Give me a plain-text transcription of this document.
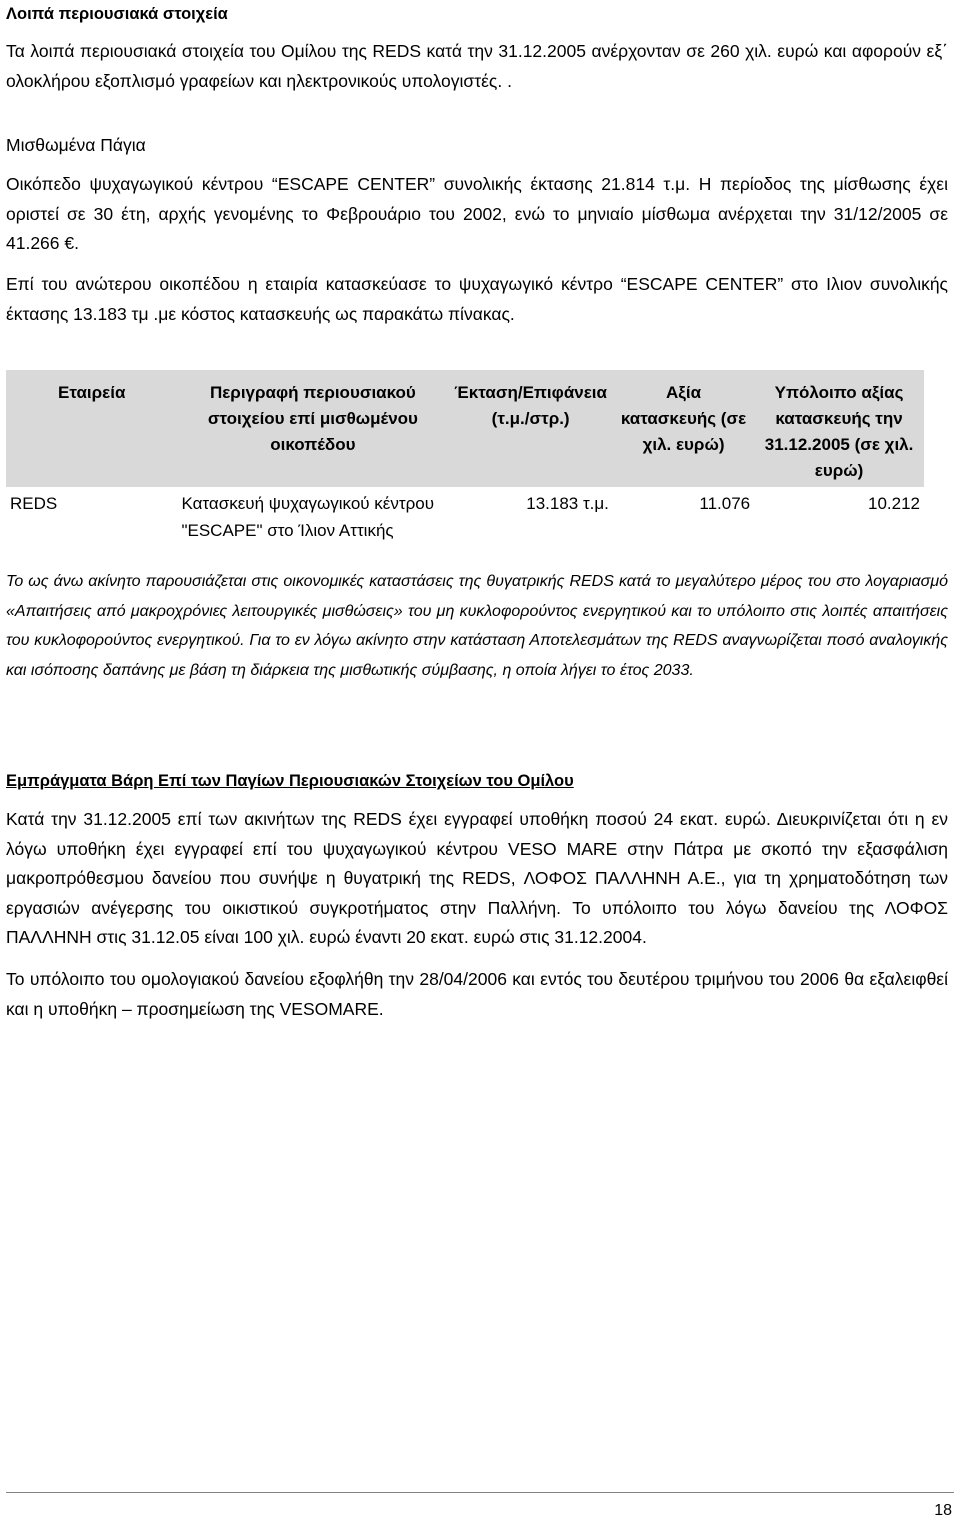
Λοιπά περιουσιακά στοιχεία
Τα λοιπά περιουσιακά στοιχεία του Ομίλου της REDS κατά την 31.12.2005 ανέρχονταν σε 260 χιλ. ευρώ και αφορούν εξ΄ ολοκλήρου εξοπλισμό γραφείων και ηλεκτρονικούς υπολογιστές. .
Μισθωμένα Πάγια
Οικόπεδο ψυχαγωγικού κέντρου “ESCAPE CENTER” συνολικής έκτασης 21.814 τ.μ. Η περίοδος της μίσθωσης έχει οριστεί σε 30 έτη, αρχής γενομένης το Φεβρουάριο του 2002, ενώ το μηνιαίο μίσθωμα ανέρχεται την 31/12/2005 σε 41.266 €.
Επί του ανώτερου οικοπέδου η εταιρία κατασκεύασε το ψυχαγωγικό κέντρο “ESCAPE CENTER” στο Ιλιον συνολικής έκτασης 13.183 τμ .με κόστος κατασκευής ως παρακάτω πίνακας.
Εταιρεία	Περιγραφή περιουσιακού στοιχείου επί μισθωμένου οικοπέδου	Έκταση/Επιφάνεια (τ.μ./στρ.)	Αξία κατασκευής (σε χιλ. ευρώ)	Υπόλοιπο αξίας κατασκευής την 31.12.2005 (σε χιλ. ευρώ)
REDS	Κατασκευή ψυχαγωγικού κέντρου "ESCAPE" στο Ίλιον Αττικής	13.183 τ.μ.	11.076	10.212
Το ως άνω ακίνητο παρουσιάζεται στις οικονομικές καταστάσεις της θυγατρικής REDS κατά το μεγαλύτερο μέρος του στο λογαριασμό «Απαιτήσεις από μακροχρόνιες λειτουργικές μισθώσεις» του μη κυκλοφορούντος ενεργητικού και το υπόλοιπο στις λοιπές απαιτήσεις του κυκλοφορούντος ενεργητικού. Για το εν λόγω ακίνητο στην κατάσταση Αποτελεσμάτων της REDS αναγνωρίζεται ποσό αναλογικής και ισόποσης δαπάνης με βάση τη διάρκεια της μισθωτικής σύμβασης, η οποία λήγει το έτος 2033.
Εμπράγματα Βάρη Επί των Παγίων Περιουσιακών Στοιχείων του Ομίλου
Κατά την 31.12.2005 επί των ακινήτων της REDS έχει εγγραφεί υποθήκη ποσού 24 εκατ. ευρώ. Διευκρινίζεται ότι η εν λόγω υποθήκη έχει εγγραφεί επί του ψυχαγωγικού κέντρου VESO MARE στην Πάτρα με σκοπό την εξασφάλιση μακροπρόθεσμου δανείου που συνήψε η θυγατρική της REDS, ΛΟΦΟΣ ΠΑΛΛΗΝΗ Α.Ε., για τη χρηματοδότηση των εργασιών ανέγερσης του οικιστικού συγκροτήματος στην Παλλήνη. Το υπόλοιπο του λόγω δανείου της ΛΟΦΟΣ ΠΑΛΛΗΝΗ στις 31.12.05 είναι 100 χιλ. ευρώ έναντι 20 εκατ. ευρώ στις 31.12.2004.
Το υπόλοιπο του ομολογιακού δανείου εξοφλήθη την 28/04/2006 και εντός του δευτέρου τριμήνου του 2006 θα εξαλειφθεί και η υποθήκη – προσημείωση της VESOMARE.
18
